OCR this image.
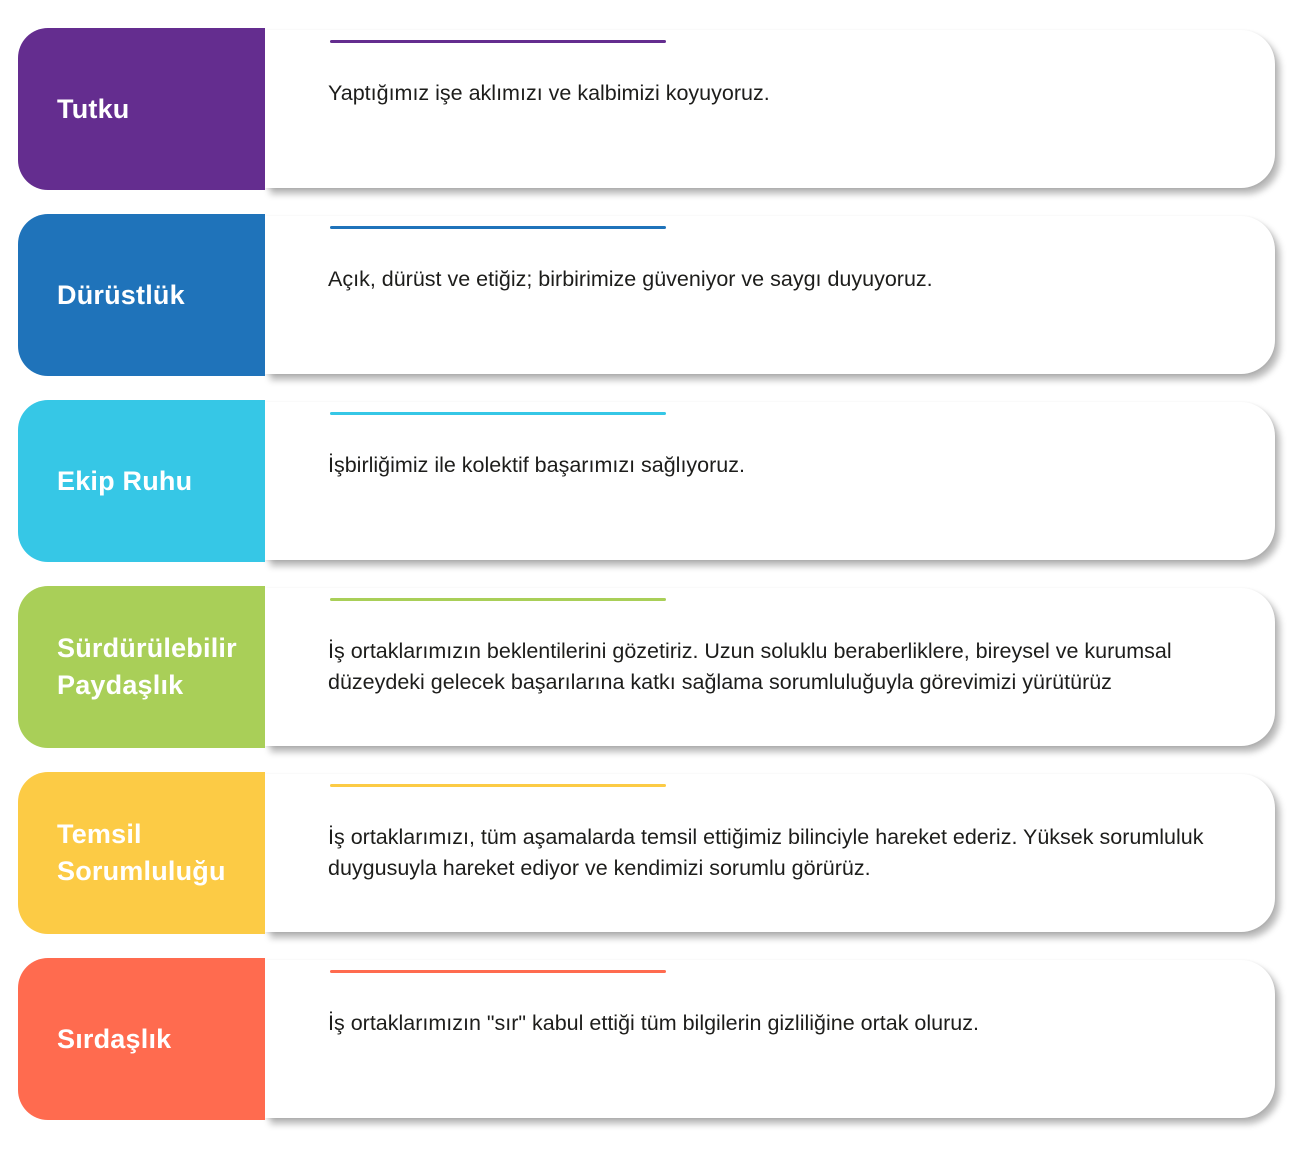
Tutku
Yaptığımız işe aklımızı ve kalbimizi koyuyoruz.
Dürüstlük
Açık, dürüst ve etiğiz; birbirimize güveniyor ve saygı duyuyoruz.
Ekip Ruhu
İşbirliğimiz ile kolektif başarımızı sağlıyoruz.
Sürdürülebilir
Paydaşlık
İş ortaklarımızın beklentilerini gözetiriz. Uzun soluklu beraberliklere, bireysel ve kurumsal düzeydeki gelecek başarılarına katkı sağlama sorumluluğuyla görevimizi yürütürüz
Temsil
Sorumluluğu
İş ortaklarımızı, tüm aşamalarda temsil ettiğimiz bilinciyle hareket ederiz. Yüksek sorumluluk duygusuyla hareket ediyor ve kendimizi sorumlu görürüz.
Sırdaşlık
İş ortaklarımızın "sır" kabul ettiği tüm bilgilerin gizliliğine ortak oluruz.
